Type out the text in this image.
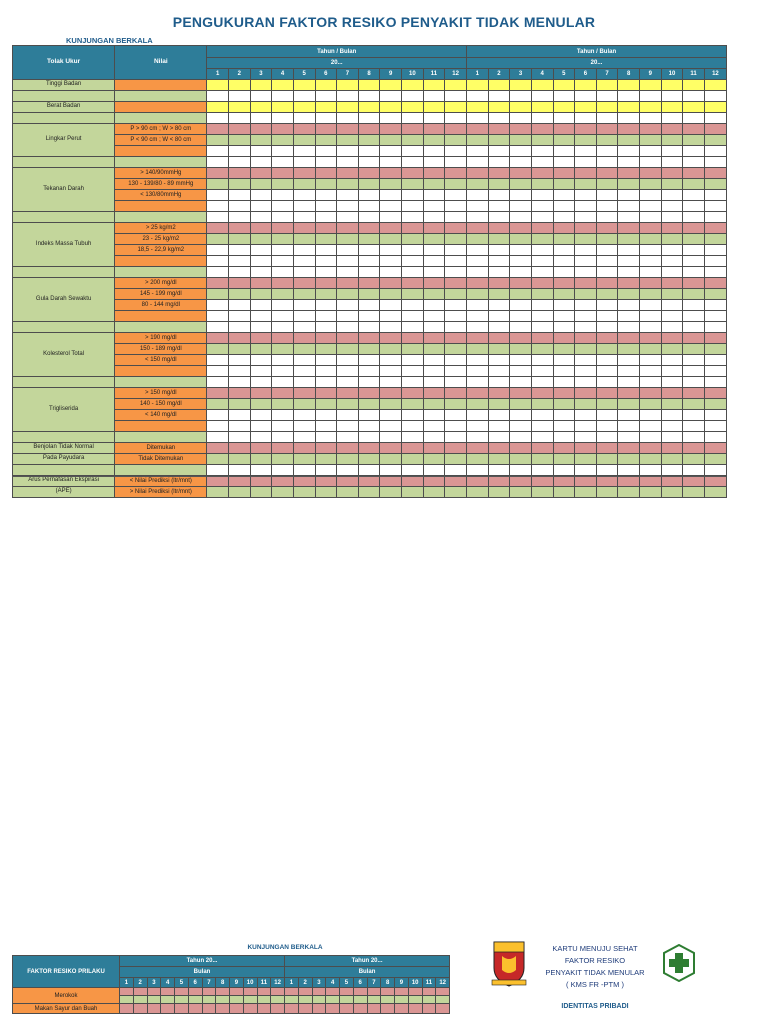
PENGUKURAN FAKTOR RESIKO PENYAKIT TIDAK MENULAR
KUNJUNGAN BERKALA
Tolak Ukur	Nilai	Tahun / Bulan												Tahun / Bulan											
		20...												20...											
		1	2	3	4	5	6	7	8	9	10	11	12	1	2	3	4	5	6	7	8	9	10	11	12
Tinggi Badan																									

Berat Badan																									

Lingkar Perut	P > 90 cm ; W > 80 cm																								
	P < 90 cm ; W < 80 cm																								

Tekanan Darah	> 140/90mmHg																								
	130 - 139/80 - 89 mmHg																								
	< 130/80mmHg																								

Indeks Massa Tubuh	> 25 kg/m2																								
	23 - 25 kg/m2																								
	18,5 - 22,9 kg/m2																								

Gula Darah Sewaktu	> 200 mg/dl																								
	145 - 199 mg/dl																								
	80 - 144 mg/dl																								

Kolesterol Total	> 190 mg/dl																								
	150 - 189 mg/dl																								
	< 150 mg/dl																								

Trigliserida	> 150 mg/dl																								
	140 - 150 mg/dl																								
	< 140 mg/dl																								

Benjolan Tidak Normal	Ditemukan																								
Pada Payudara	Tidak Ditemukan																								

Arus Pernafasan Ekspirasi	< Nilai Prediksi (ltr/mnt)																								
(APE)	> Nilai Prediksi (ltr/mnt)																								
KUNJUNGAN BERKALA
FAKTOR RESIKO PRILAKU	Tahun 20...												Tahun 20...											
	Bulan												Bulan											
	1	2	3	4	5	6	7	8	9	10	11	12	1	2	3	4	5	6	7	8	9	10	11	12
Merokok																								

Makan Sayur dan Buah																								
KARTU MENUJU SEHAT
FAKTOR RESIKO
PENYAKIT TIDAK MENULAR
( KMS FR -PTM )
IDENTITAS PRIBADI
